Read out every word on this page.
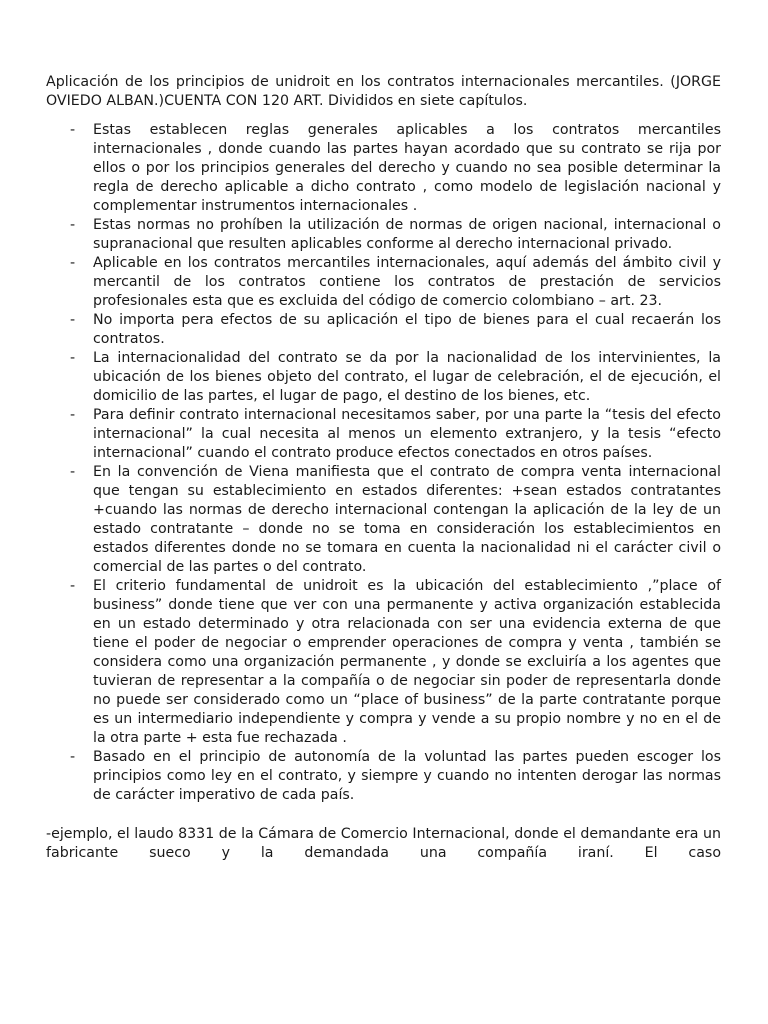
Aplicación de los principios de unidroit en los contratos internacionales mercantiles. (JORGE OVIEDO ALBAN.)CUENTA CON 120 ART. Divididos en siete capítulos.

- Estas establecen reglas generales aplicables a los contratos mercantiles internacionales , donde cuando las partes hayan acordado que su contrato se rija por ellos o por los principios generales del derecho y cuando no sea posible determinar la regla de derecho aplicable a dicho contrato , como modelo de legislación nacional y complementar instrumentos internacionales .
- Estas normas no prohíben la utilización de normas de origen nacional, internacional o supranacional que resulten aplicables conforme al derecho internacional privado.
- Aplicable en los contratos mercantiles internacionales, aquí además del ámbito civil y mercantil de los contratos contiene los contratos de prestación de servicios profesionales esta que es excluida del código de comercio colombiano – art. 23.
- No importa pera efectos de su aplicación el tipo de bienes para el cual recaerán los contratos.
- La internacionalidad del contrato se da por la nacionalidad de los intervinientes, la ubicación de los bienes objeto del contrato, el lugar de celebración, el de ejecución, el domicilio de las partes, el lugar de pago, el destino de los bienes, etc.
- Para definir contrato internacional necesitamos saber, por una parte la “tesis del efecto internacional” la cual necesita al menos un elemento extranjero, y la tesis “efecto internacional” cuando el contrato produce efectos conectados en otros países.
- En la convención de Viena manifiesta que el contrato de compra venta internacional que tengan su establecimiento en estados diferentes: +sean estados contratantes +cuando las normas de derecho internacional contengan la aplicación de la ley de un estado contratante – donde no se toma en consideración los establecimientos en estados diferentes donde no se tomara en cuenta la nacionalidad ni el carácter civil o comercial de las partes o del contrato.
- El criterio fundamental de unidroit es la ubicación del establecimiento ,”place of business” donde tiene que ver con una permanente y activa organización establecida en un estado determinado y otra relacionada con ser una evidencia externa de que tiene el poder de negociar o emprender operaciones de compra y venta , también se considera como una organización permanente , y donde se excluiría a los agentes que tuvieran de representar a la compañía o de negociar sin poder de representarla donde no puede ser considerado como un “place of business” de la parte contratante porque es un intermediario independiente y compra y vende a su propio nombre y no en el de la otra parte + esta fue rechazada .
- Basado en el principio de autonomía de la voluntad las partes pueden escoger los principios como ley en el contrato, y siempre y cuando no intenten derogar las normas de carácter imperativo de cada país.

-ejemplo, el laudo 8331 de la Cámara de Comercio Internacional, donde el demandante era un fabricante sueco y la demandada una compañía iraní. El caso
